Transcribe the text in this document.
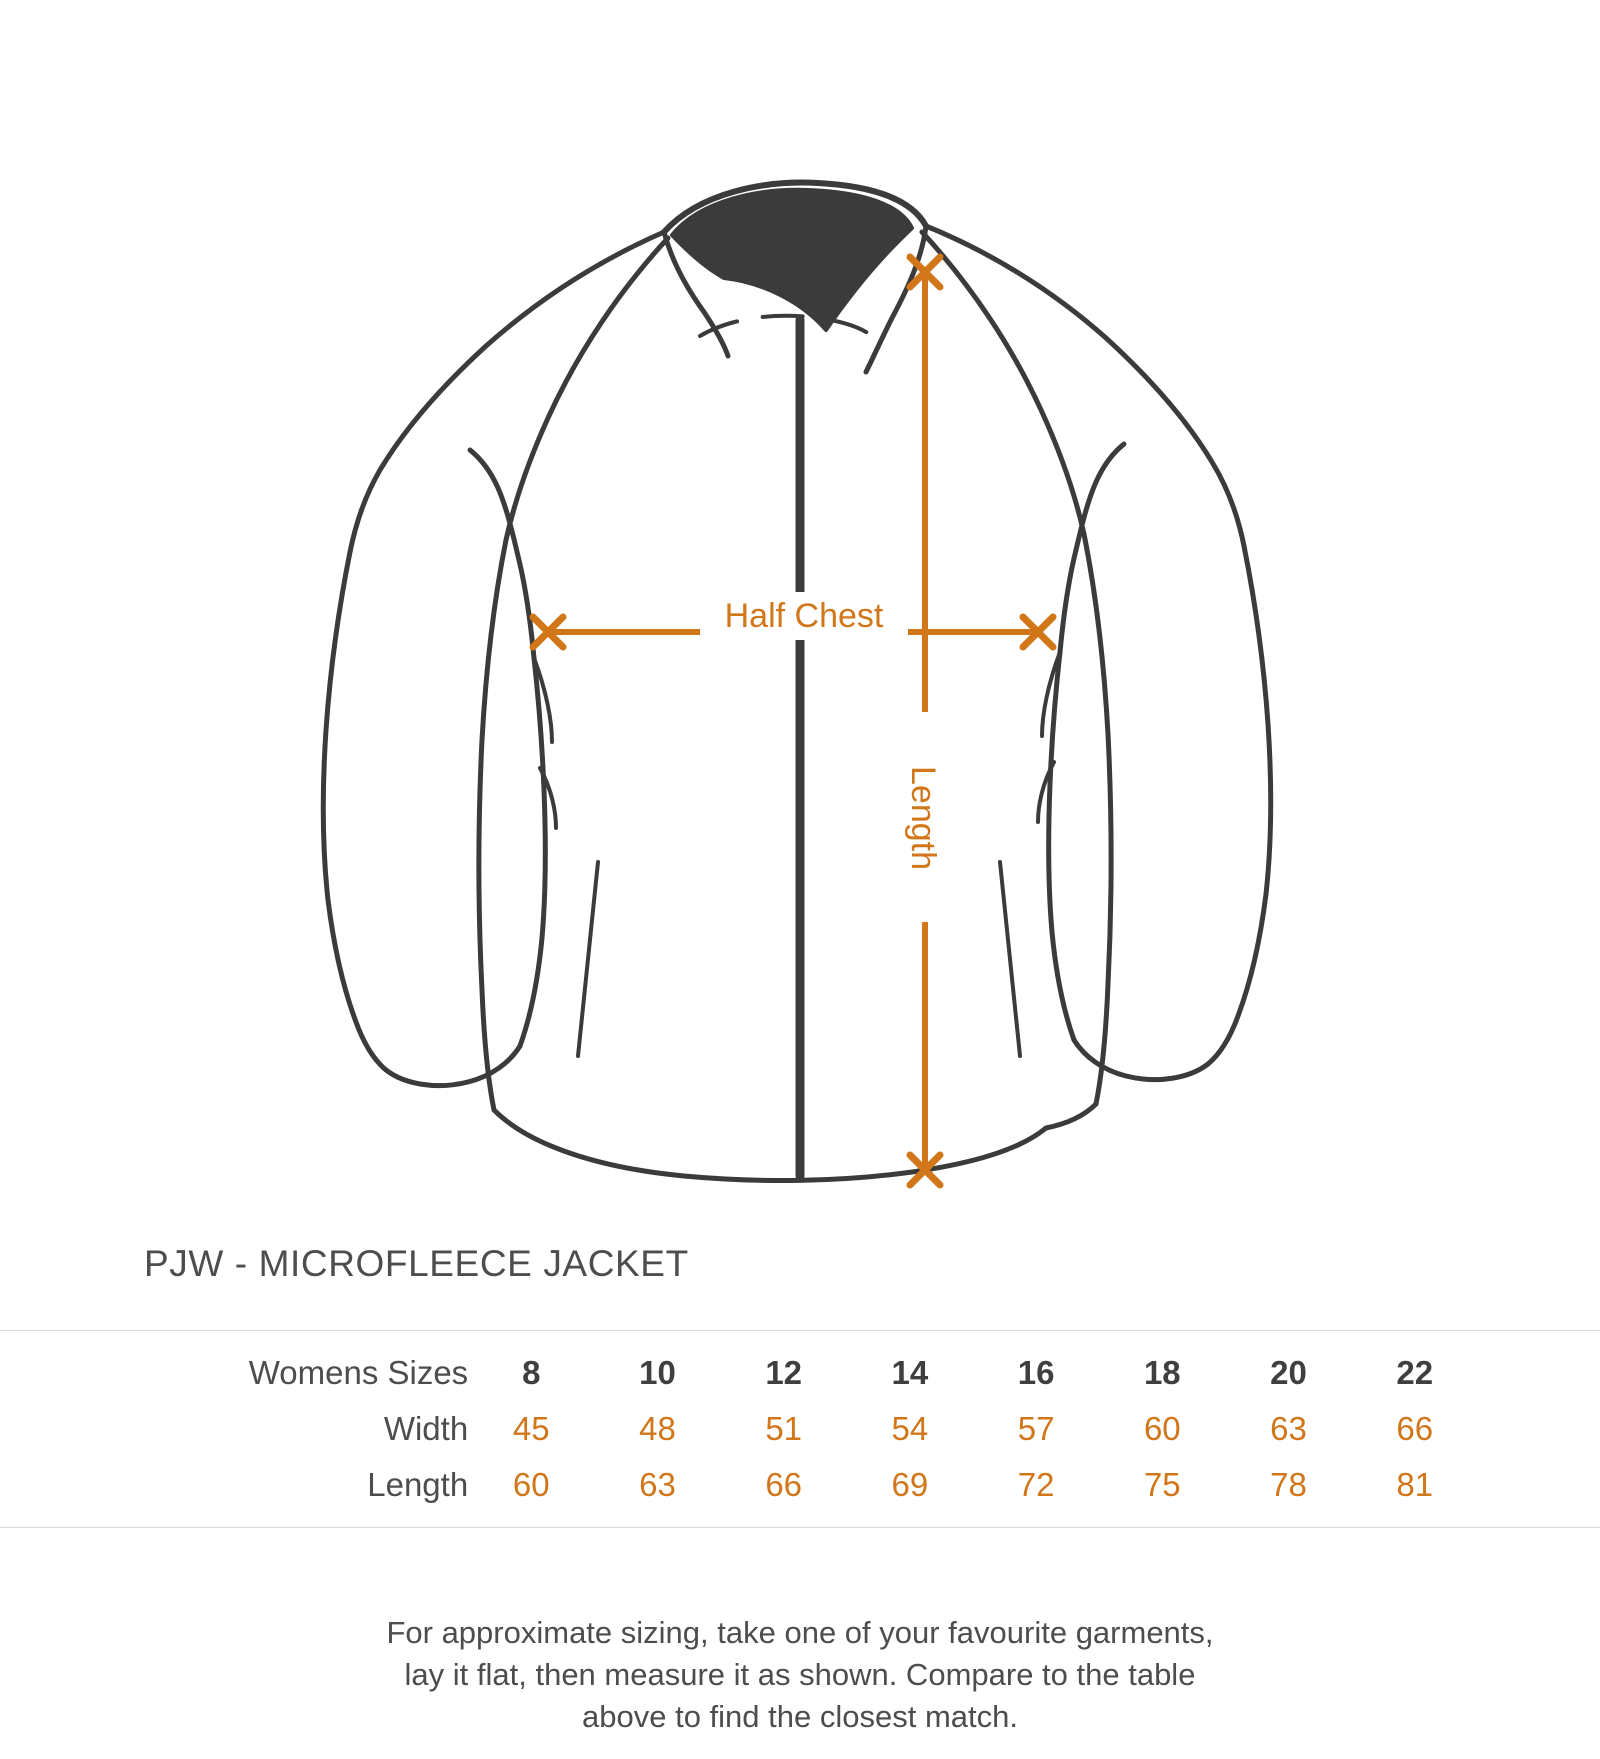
Half Chest
Length
PJW - MICROFLEECE JACKET
Womens Sizes	8	10	12	14	16	18	20	22	
Width	45	48	51	54	57	60	63	66	
Length	60	63	66	69	72	75	78	81	
For approximate sizing, take one of your favourite garments,
lay it flat, then measure it as shown. Compare to the table
above to find the closest match.
